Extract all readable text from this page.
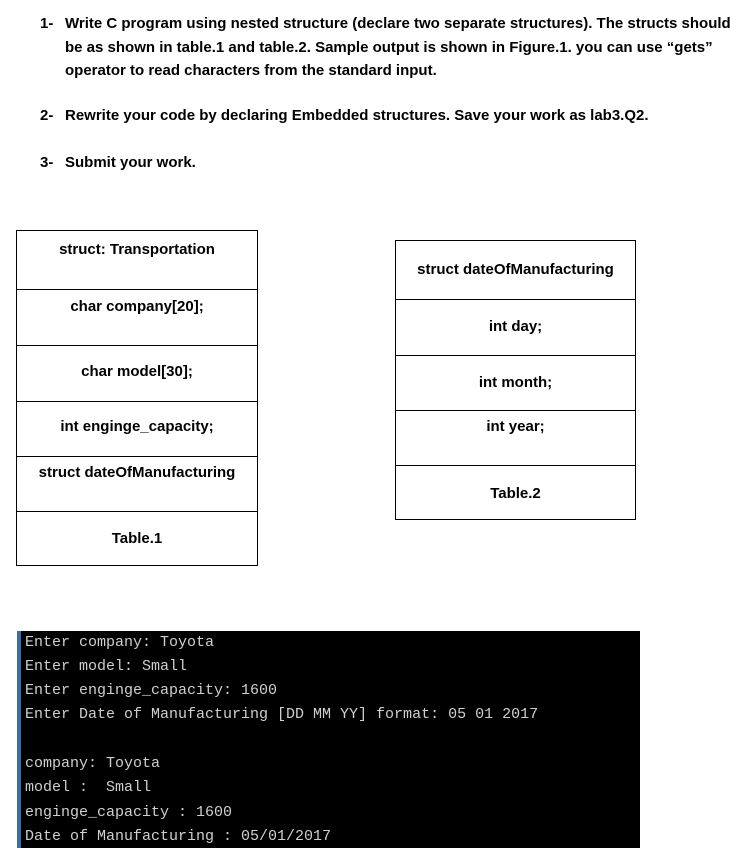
1- Write C program using nested structure (declare two separate structures). The structs should
be as shown in table.1 and table.2. Sample output is shown in Figure.1. you can use “gets”
operator to read characters from the standard input.
2- Rewrite your code by declaring Embedded structures. Save your work as lab3.Q2.
3- Submit your work.
struct: Transportation
char company[20];
char model[30];
int enginge_capacity;
struct dateOfManufacturing
Table.1
struct dateOfManufacturing
int day;
int month;
int year;
Table.2
Enter company: Toyota
Enter model: Small
Enter enginge_capacity: 1600
Enter Date of Manufacturing [DD MM YY] format: 05 01 2017
company: Toyota
model :  Small
enginge_capacity : 1600
Date of Manufacturing : 05/01/2017
